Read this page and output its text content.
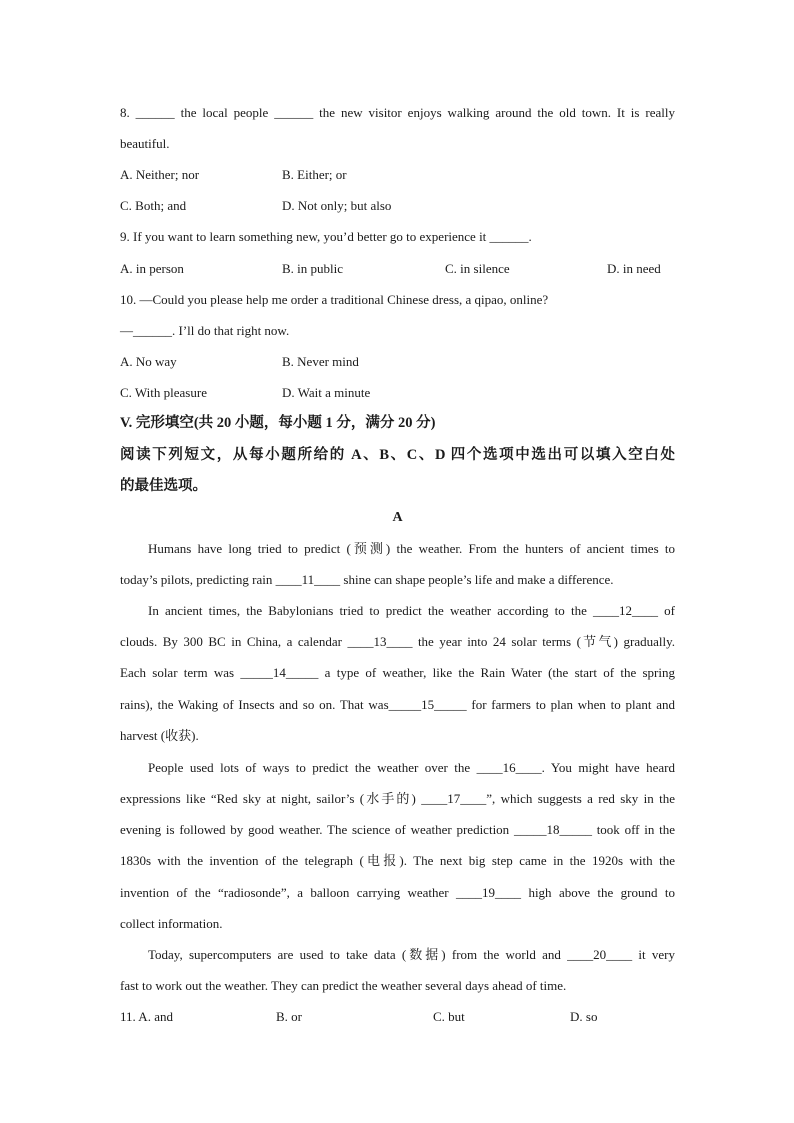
8. ______ the local people ______ the new visitor enjoys walking around the old town. It is really
beautiful.
A. Neither; nor	B. Either; or
C. Both; and	D. Not only; but also
9. If you want to learn something new, you’d better go to experience it ______.
A. in person	B. in public	C. in silence	D. in need
10. —Could you please help me order a traditional Chinese dress, a qipao, online?
—______. I’ll do that right now.
A. No way	B. Never mind
C. With pleasure	D. Wait a minute
V. 完形填空(共 20 小题，每小题 1 分，满分 20 分)
阅读下列短文，从每小题所给的 A、B、C、D 四个选项中选出可以填入空白处
的最佳选项。
A
Humans have long tried to predict (预测) the weather. From the hunters of ancient times to
today’s pilots, predicting rain ____11____ shine can shape people’s life and make a difference.
In ancient times, the Babylonians tried to predict the weather according to the ____12____ of
clouds. By 300 BC in China, a calendar ____13____ the year into 24 solar terms (节气) gradually.
Each solar term was _____14_____ a type of weather, like the Rain Water (the start of the spring
rains), the Waking of Insects and so on. That was_____15_____ for farmers to plan when to plant and
harvest (收获).
People used lots of ways to predict the weather over the ____16____. You might have heard
expressions like “Red sky at night, sailor’s (水手的) ____17____”, which suggests a red sky in the
evening is followed by good weather. The science of weather prediction _____18_____ took off in the
1830s with the invention of the telegraph (电报). The next big step came in the 1920s with the
invention of the “radiosonde”, a balloon carrying weather ____19____ high above the ground to
collect information.
Today, supercomputers are used to take data (数据) from the world and ____20____ it very
fast to work out the weather. They can predict the weather several days ahead of time.
11. A. and	B. or	C. but	D. so
